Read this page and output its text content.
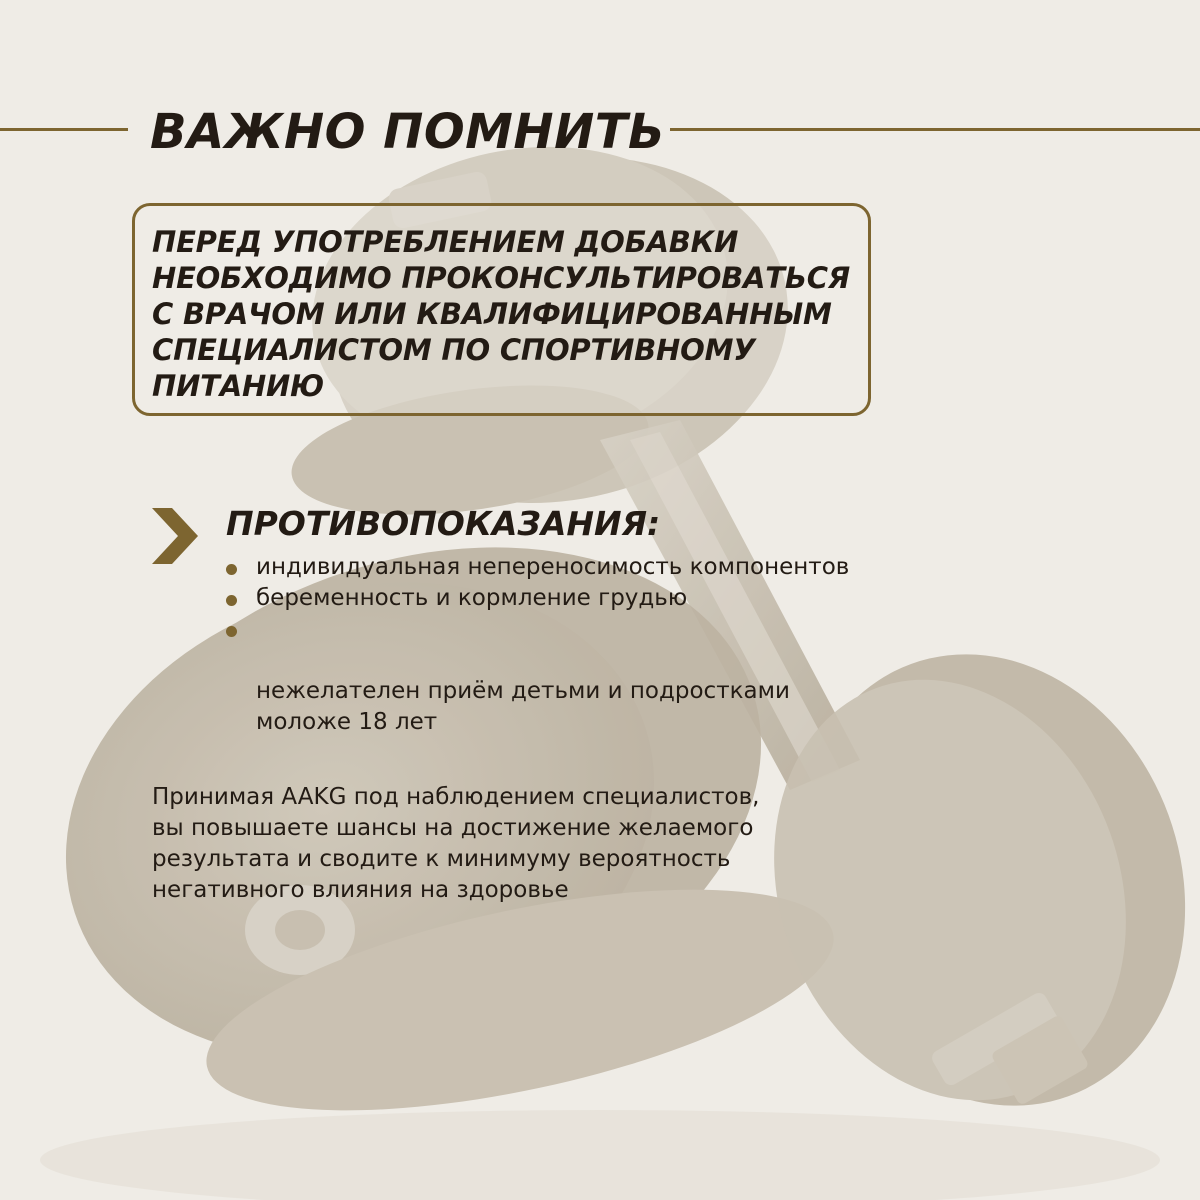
ВАЖНО ПОМНИТЬ

ПЕРЕД УПОТРЕБЛЕНИЕМ ДОБАВКИ
НЕОБХОДИМО ПРОКОНСУЛЬТИРОВАТЬСЯ
С ВРАЧОМ ИЛИ КВАЛИФИЦИРОВАННЫМ
СПЕЦИАЛИСТОМ ПО СПОРТИВНОМУ
ПИТАНИЮ

ПРОТИВОПОКАЗАНИЯ:
индивидуальная непереносимость компонентов
беременность и кормление грудью

нежелателен приём детьми и подростками
моложе 18 лет

Принимая AAKG под наблюдением специалистов,
вы повышаете шансы на достижение желаемого
результата и сводите к минимуму вероятность
негативного влияния на здоровье
